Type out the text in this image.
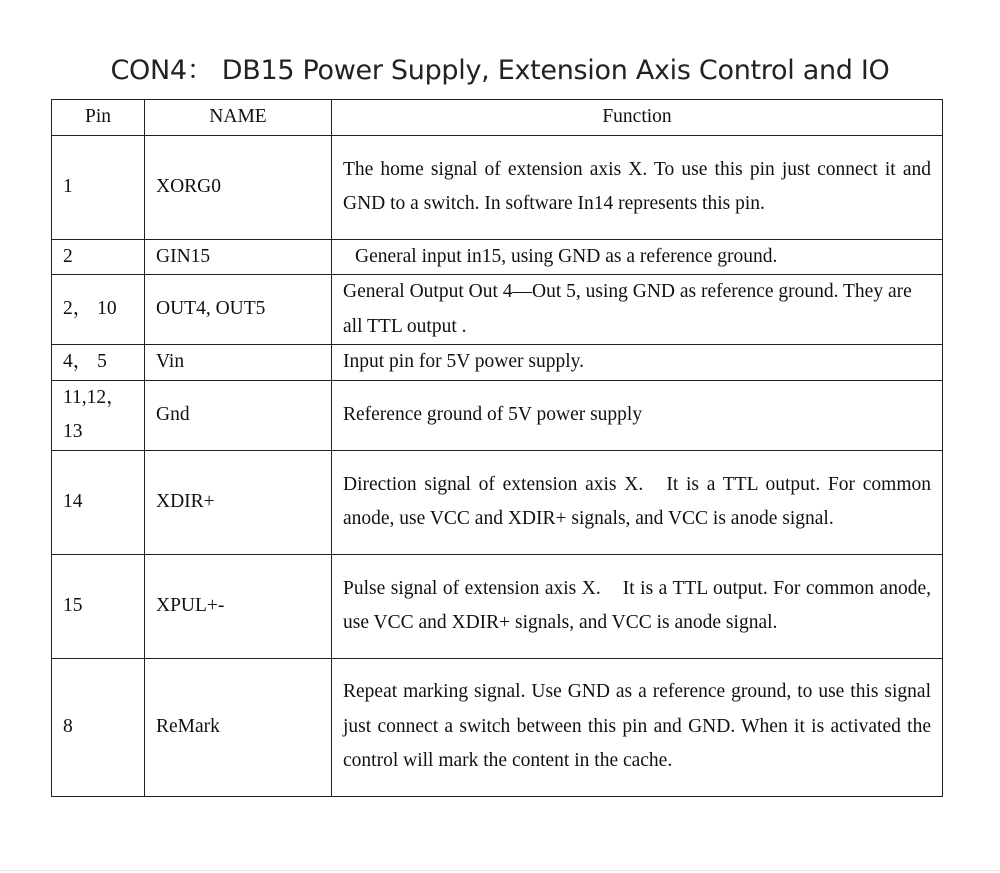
CON4： DB15 Power Supply, Extension Axis Control and IO
Pin	NAME	Function
1	XORG0	The home signal of extension axis X. To use this pin just connect it and GND to a switch. In software In14 represents this pin.
2	GIN15	General input in15, using GND as a reference ground.
2， 10	OUT4, OUT5	General Output Out 4—Out 5, using GND as reference ground. They are all TTL output .
4， 5	Vin	Input pin for 5V power supply.
11,12， 13	Gnd	Reference ground of 5V power supply
14	XDIR+	Direction signal of extension axis X.   It is a TTL output. For common anode, use VCC and XDIR+ signals, and VCC is anode signal.
15	XPUL+-	Pulse signal of extension axis X.    It is a TTL output. For common anode, use VCC and XDIR+ signals, and VCC is anode signal.
8	ReMark	Repeat marking signal. Use GND as a reference ground, to use this signal just connect a switch between this pin and GND. When it is activated the control will mark the content in the cache.
